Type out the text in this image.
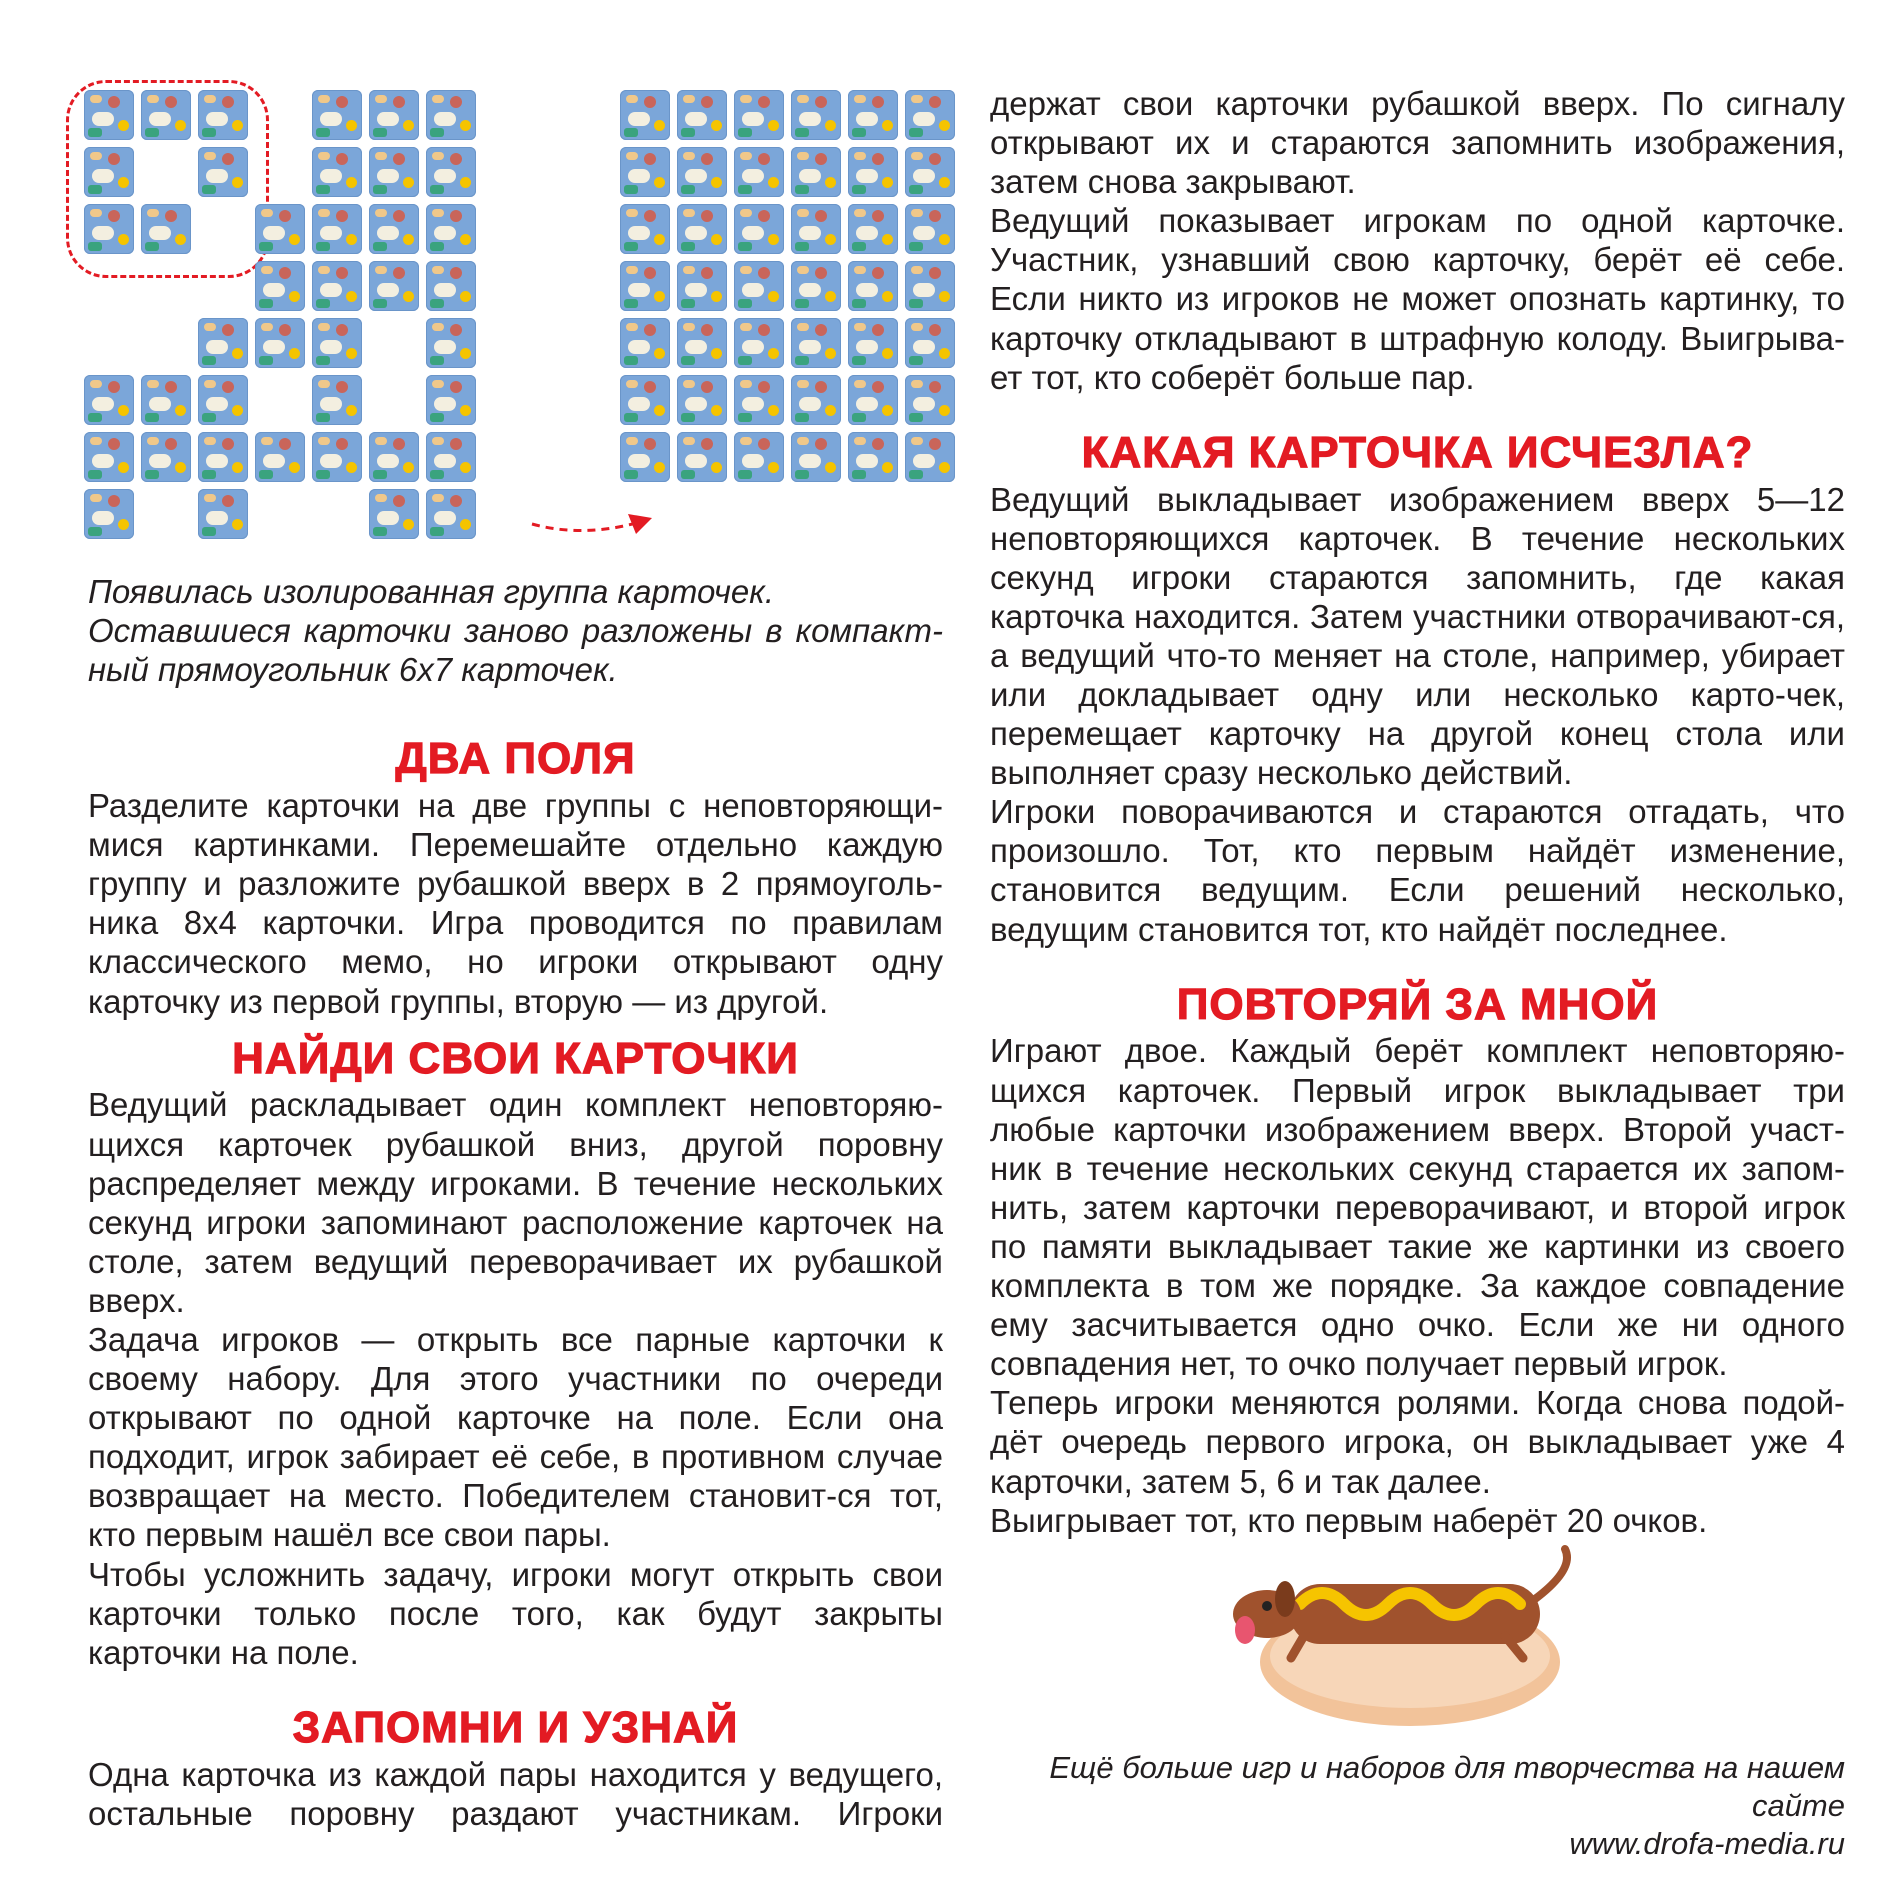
Появилась изолированная группа карточек.
Оставшиеся карточки заново разложены в компакт-ный прямоугольник 6х7 карточек.

ДВА ПОЛЯ

Разделите карточки на две группы с неповторяющи-мися картинками. Перемешайте отдельно каждую группу и разложите рубашкой вверх в 2 прямоуголь-ника 8х4 карточки. Игра проводится по правилам классического мемо, но игроки открывают одну карточку из первой группы, вторую — из другой.

НАЙДИ СВОИ КАРТОЧКИ

Ведущий раскладывает один комплект неповторяю-щихся карточек рубашкой вниз, другой поровну распределяет между игроками. В течение нескольких секунд игроки запоминают расположение карточек на столе, затем ведущий переворачивает их рубашкой вверх.

Задача игроков — открыть все парные карточки к своему набору. Для этого участники по очереди открывают по одной карточке на поле. Если она подходит, игрок забирает её себе, в противном случае возвращает на место. Победителем становит-ся тот, кто первым нашёл все свои пары.

Чтобы усложнить задачу, игроки могут открыть свои карточки только после того, как будут закрыты карточки на поле.

ЗАПОМНИ И УЗНАЙ

Одна карточка из каждой пары находится у ведущего, остальные поровну раздают участникам. Игроки

держат свои карточки рубашкой вверх. По сигналу открывают их и стараются запомнить изображения, затем снова закрывают.

Ведущий показывает игрокам по одной карточке. Участник, узнавший свою карточку, берёт её себе. Если никто из игроков не может опознать картинку, то карточку откладывают в штрафную колоду. Выигрыва-ет тот, кто соберёт больше пар.

КАКАЯ КАРТОЧКА ИСЧЕЗЛА?

Ведущий выкладывает изображением вверх 5—12 неповторяющихся карточек. В течение нескольких секунд игроки стараются запомнить, где какая карточка находится. Затем участники отворачивают-ся, а ведущий что-то меняет на столе, например, убирает или докладывает одну или несколько карто-чек, перемещает карточку на другой конец стола или выполняет сразу несколько действий.

Игроки поворачиваются и стараются отгадать, что произошло. Тот, кто первым найдёт изменение, становится ведущим. Если решений несколько, ведущим становится тот, кто найдёт последнее.

ПОВТОРЯЙ ЗА МНОЙ

Играют двое. Каждый берёт комплект неповторяю-щихся карточек. Первый игрок выкладывает три любые карточки изображением вверх. Второй участ-ник в течение нескольких секунд старается их запом-нить, затем карточки переворачивают, и второй игрок по памяти выкладывает такие же картинки из своего комплекта в том же порядке. За каждое совпадение ему засчитывается одно очко. Если же ни одного совпадения нет, то очко получает первый игрок.

Теперь игроки меняются ролями. Когда снова подой-дёт очередь первого игрока, он выкладывает уже 4 карточки, затем 5, 6 и так далее.

Выигрывает тот, кто первым наберёт 20 очков.

Ещё больше игр и наборов для творчества на нашем сайте

www.drofa-media.ru
